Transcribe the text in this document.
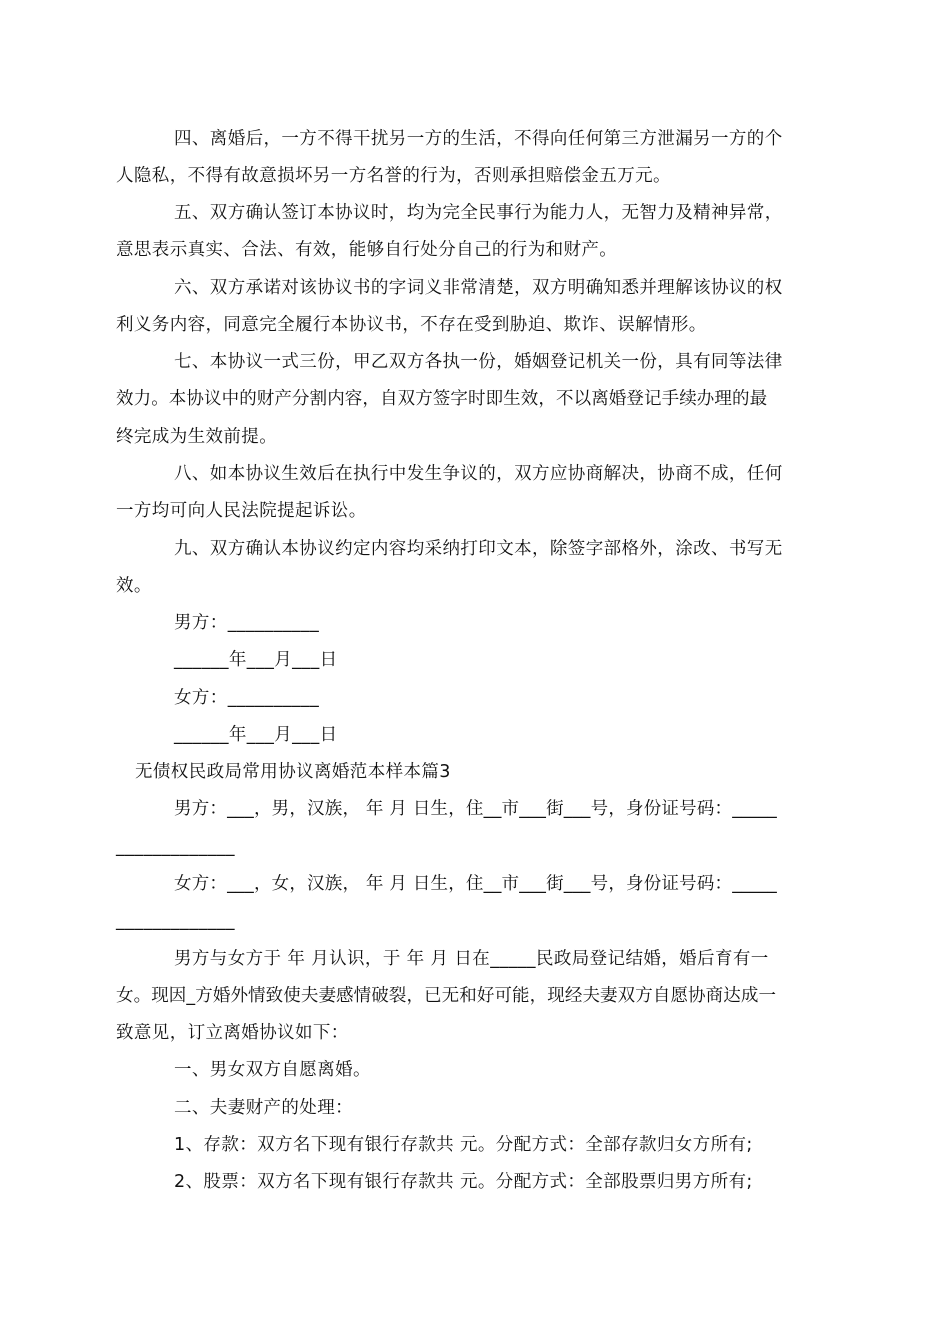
四、离婚后，一方不得干扰另一方的生活，不得向任何第三方泄漏另一方的个
人隐私，不得有故意损坏另一方名誉的行为，否则承担赔偿金五万元。
五、双方确认签订本协议时，均为完全民事行为能力人，无智力及精神异常，
意思表示真实、合法、有效，能够自行处分自己的行为和财产。
六、双方承诺对该协议书的字词义非常清楚，双方明确知悉并理解该协议的权
利义务内容，同意完全履行本协议书，不存在受到胁迫、欺诈、误解情形。
七、本协议一式三份，甲乙双方各执一份，婚姻登记机关一份，具有同等法律
效力。本协议中的财产分割内容，自双方签字时即生效，不以离婚登记手续办理的最
终完成为生效前提。
八、如本协议生效后在执行中发生争议的，双方应协商解决，协商不成，任何
一方均可向人民法院提起诉讼。
九、双方确认本协议约定内容均采纳打印文本，除签字部格外，涂改、书写无
效。
男方：__________
______年___月___日
女方：__________
______年___月___日
无债权民政局常用协议离婚范本样本篇3
男方：___，男，汉族， 年 月 日生，住__市___街___号，身份证号码：_____
_____________
女方：___，女，汉族， 年 月 日生，住__市___街___号，身份证号码：_____
_____________
男方与女方于 年 月认识，于 年 月 日在_____民政局登记结婚，婚后育有一
女。现因_方婚外情致使夫妻感情破裂，已无和好可能，现经夫妻双方自愿协商达成一
致意见，订立离婚协议如下：
一、男女双方自愿离婚。
二、夫妻财产的处理：
1、存款：双方名下现有银行存款共 元。分配方式：全部存款归女方所有;
2、股票：双方名下现有银行存款共 元。分配方式：全部股票归男方所有;
